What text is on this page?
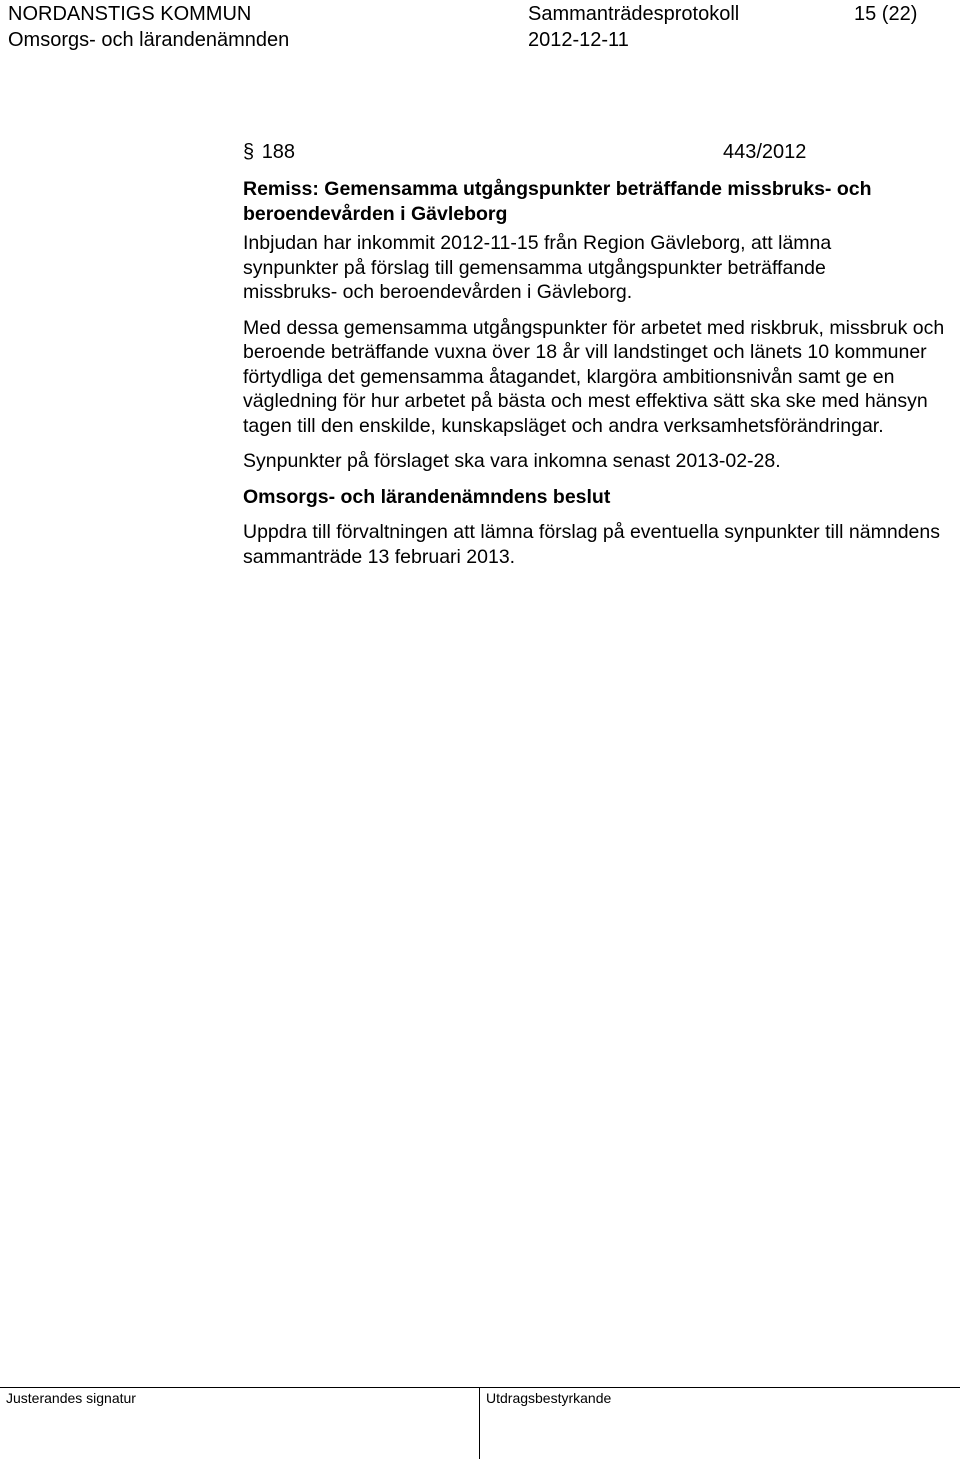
NORDANSTIGS KOMMUN	Sammanträdesprotokoll	15 (22)
Omsorgs- och lärandenämnden	2012-12-11
§ 188	443/2012

Remiss: Gemensamma utgångspunkter beträffande missbruks- och beroendevården i Gävleborg

Inbjudan har inkommit 2012-11-15 från Region Gävleborg, att lämna synpunkter på förslag till gemensamma utgångspunkter beträffande missbruks- och beroendevården i Gävleborg.

Med dessa gemensamma utgångspunkter för arbetet med riskbruk, missbruk och beroende beträffande vuxna över 18 år vill landstinget och länets 10 kommuner förtydliga det gemensamma åtagandet, klargöra ambitionsnivån samt ge en vägledning för hur arbetet på bästa och mest effektiva sätt ska ske med hänsyn tagen till den enskilde, kunskapsläget och andra verksamhetsförändringar.

Synpunkter på förslaget ska vara inkomna senast 2013-02-28.

Omsorgs- och lärandenämndens beslut

Uppdra till förvaltningen att lämna förslag på eventuella synpunkter till nämndens sammanträde 13 februari 2013.

Justerandes signatur	Utdragsbestyrkande
